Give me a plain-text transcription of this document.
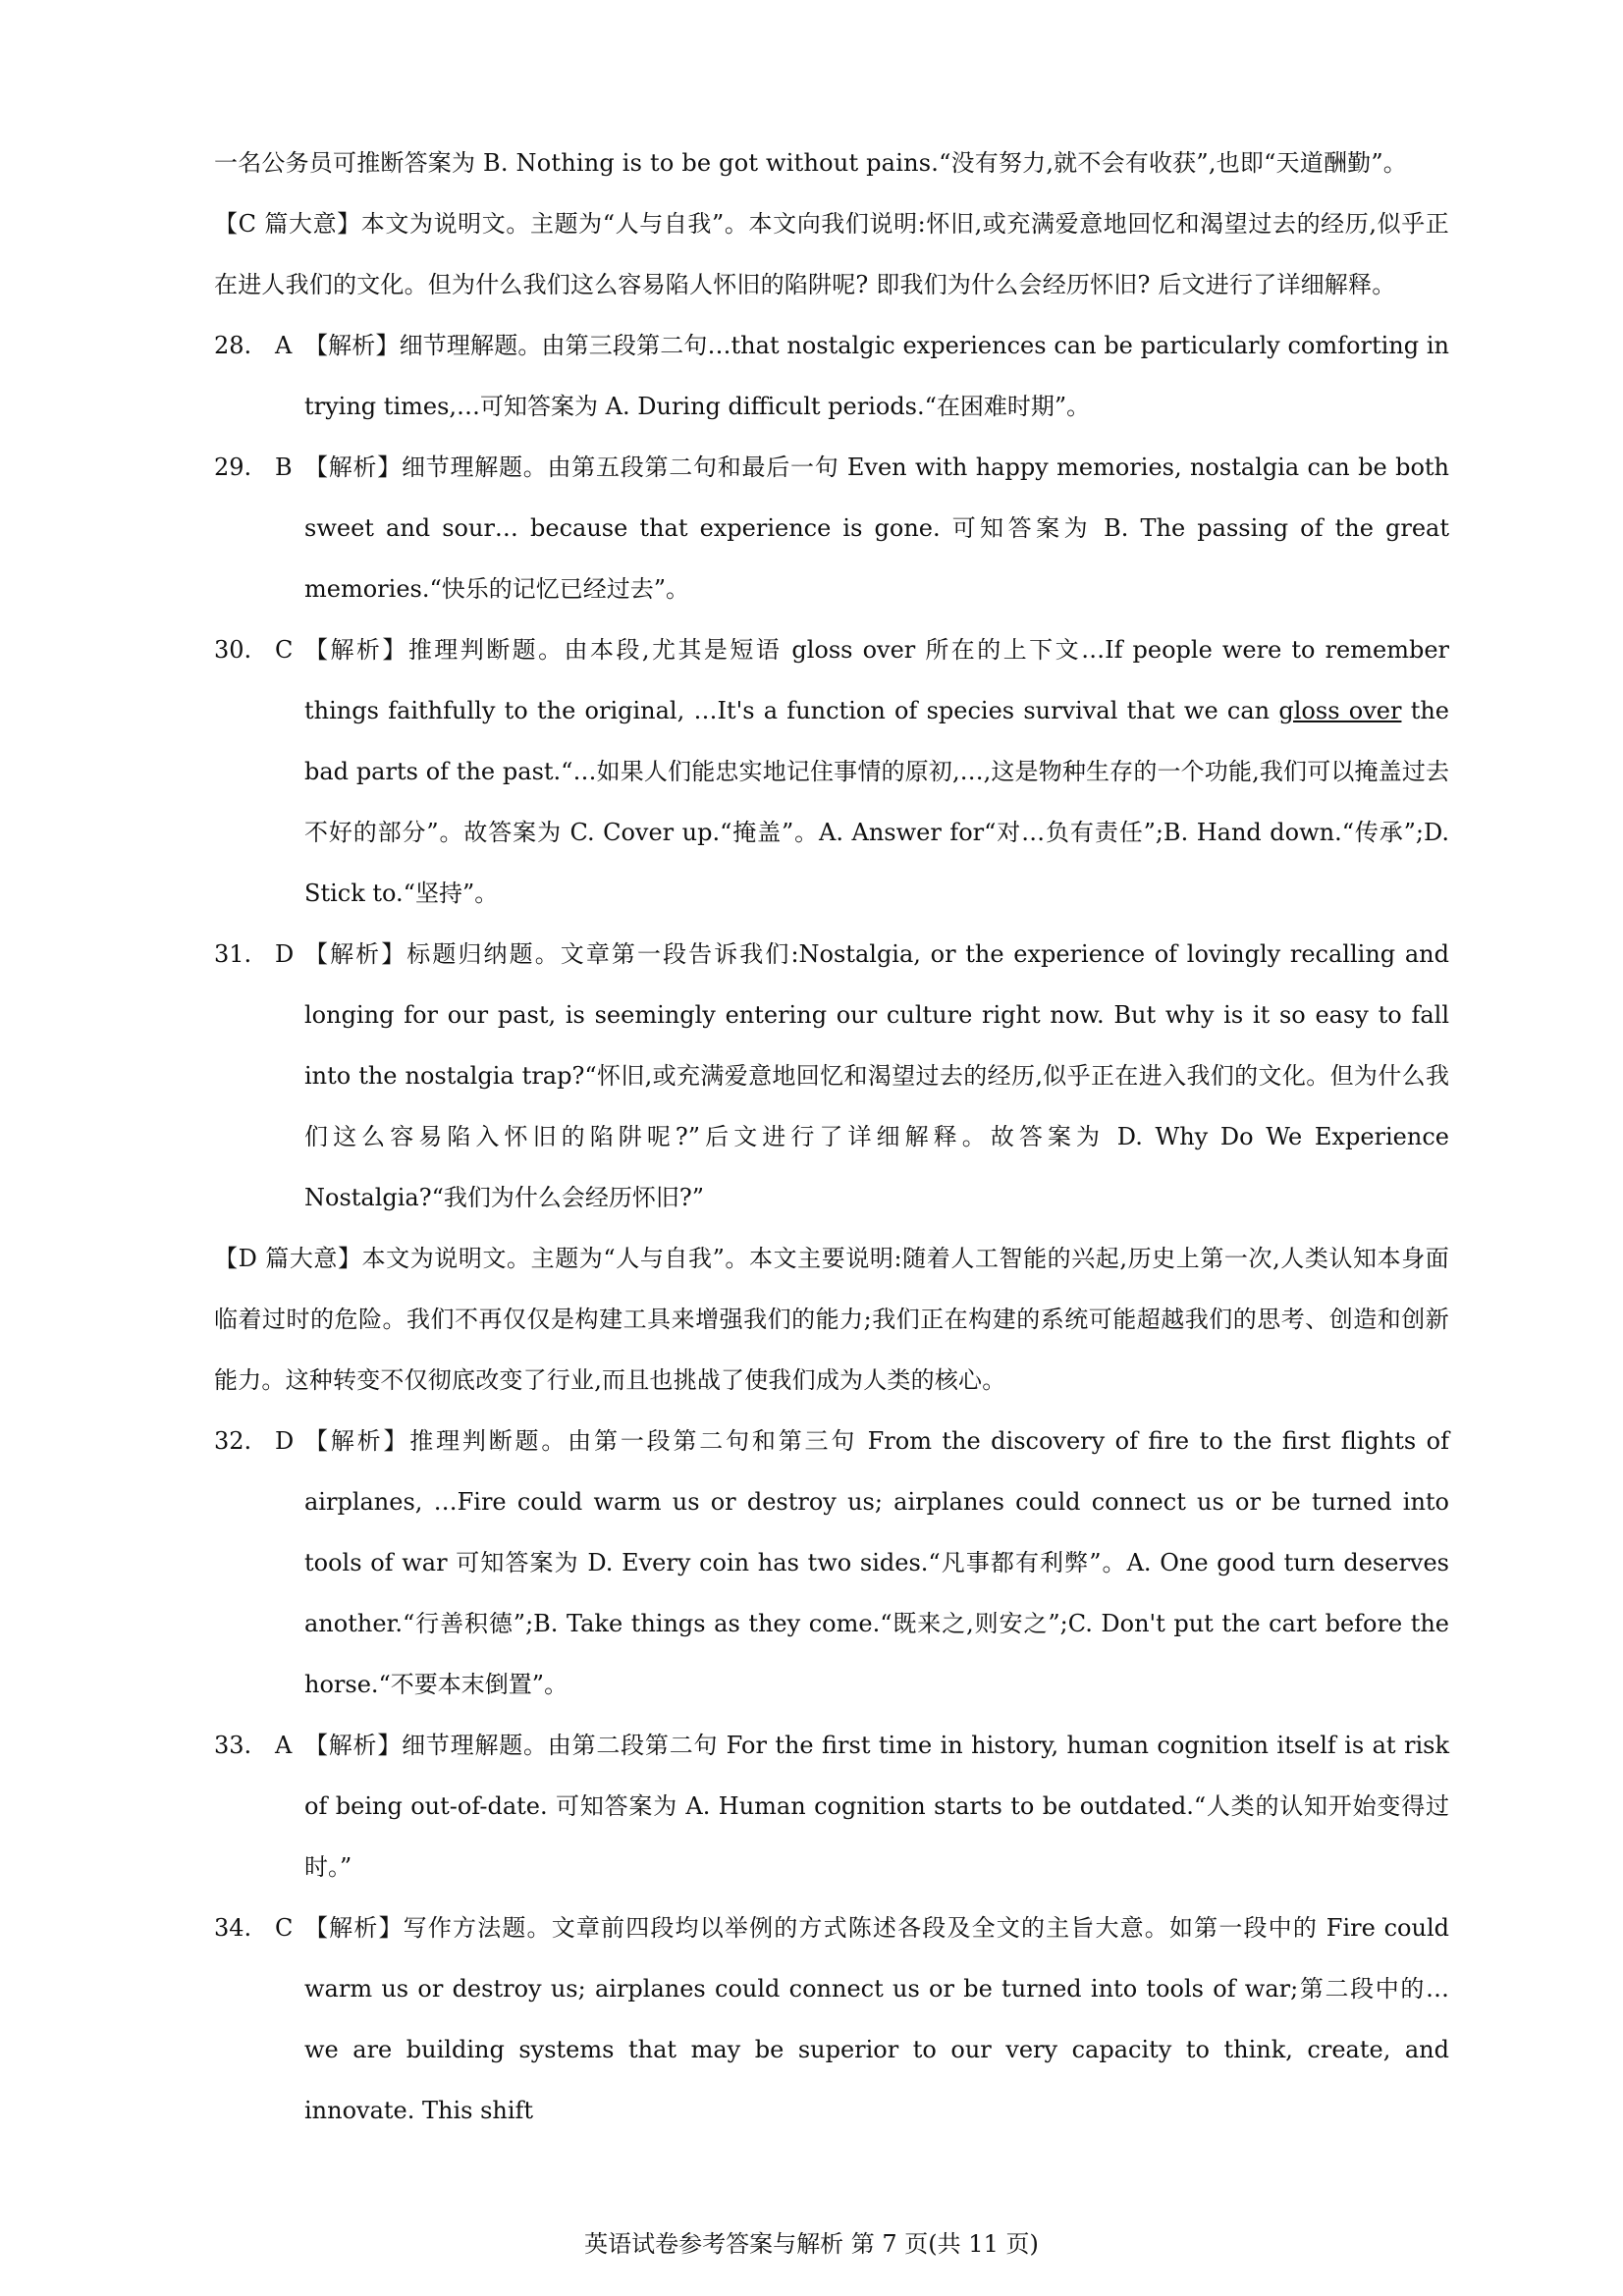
一名公务员可推断答案为 B. Nothing is to be got without pains.“没有努力,就不会有收获”,也即“天道酬勤”。

【C 篇大意】本文为说明文。主题为“人与自我”。本文向我们说明:怀旧,或充满爱意地回忆和渴望过去的经历,似乎正在进人我们的文化。但为什么我们这么容易陷人怀旧的陷阱呢? 即我们为什么会经历怀旧? 后文进行了详细解释。

28. A 【解析】细节理解题。由第三段第二句…that nostalgic experiences can be particularly comforting in trying times,…可知答案为 A. During difficult periods.“在困难时期”。
29. B 【解析】细节理解题。由第五段第二句和最后一句 Even with happy memories, nostalgia can be both sweet and sour… because that experience is gone. 可知答案为 B. The passing of the great memories.“快乐的记忆已经过去”。
30. C 【解析】推理判断题。由本段,尤其是短语 gloss over 所在的上下文…If people were to remember things faithfully to the original, …It's a function of species survival that we can gloss over the bad parts of the past.“…如果人们能忠实地记住事情的原初,…,这是物种生存的一个功能,我们可以掩盖过去不好的部分”。故答案为 C. Cover up.“掩盖”。A. Answer for“对…负有责任”;B. Hand down.“传承”;D. Stick to.“坚持”。
31. D 【解析】标题归纳题。文章第一段告诉我们:Nostalgia, or the experience of lovingly recalling and longing for our past, is seemingly entering our culture right now. But why is it so easy to fall into the nostalgia trap?“怀旧,或充满爱意地回忆和渴望过去的经历,似乎正在进入我们的文化。但为什么我们这么容易陷入怀旧的陷阱呢?”后文进行了详细解释。故答案为 D. Why Do We Experience Nostalgia?“我们为什么会经历怀旧?”

【D 篇大意】本文为说明文。主题为“人与自我”。本文主要说明:随着人工智能的兴起,历史上第一次,人类认知本身面临着过时的危险。我们不再仅仅是构建工具来增强我们的能力;我们正在构建的系统可能超越我们的思考、创造和创新能力。这种转变不仅彻底改变了行业,而且也挑战了使我们成为人类的核心。

32. D 【解析】推理判断题。由第一段第二句和第三句 From the discovery of fire to the first flights of airplanes, …Fire could warm us or destroy us; airplanes could connect us or be turned into tools of war 可知答案为 D. Every coin has two sides.“凡事都有利弊”。A. One good turn deserves another.“行善积德”;B. Take things as they come.“既来之,则安之”;C. Don't put the cart before the horse.“不要本末倒置”。
33. A 【解析】细节理解题。由第二段第二句 For the first time in history, human cognition itself is at risk of being out-of-date. 可知答案为 A. Human cognition starts to be outdated.“人类的认知开始变得过时。”
34. C 【解析】写作方法题。文章前四段均以举例的方式陈述各段及全文的主旨大意。如第一段中的 Fire could warm us or destroy us; airplanes could connect us or be turned into tools of war;第二段中的… we are building systems that may be superior to our very capacity to think, create, and innovate. This shift
英语试卷参考答案与解析 第 7 页(共 11 页)
